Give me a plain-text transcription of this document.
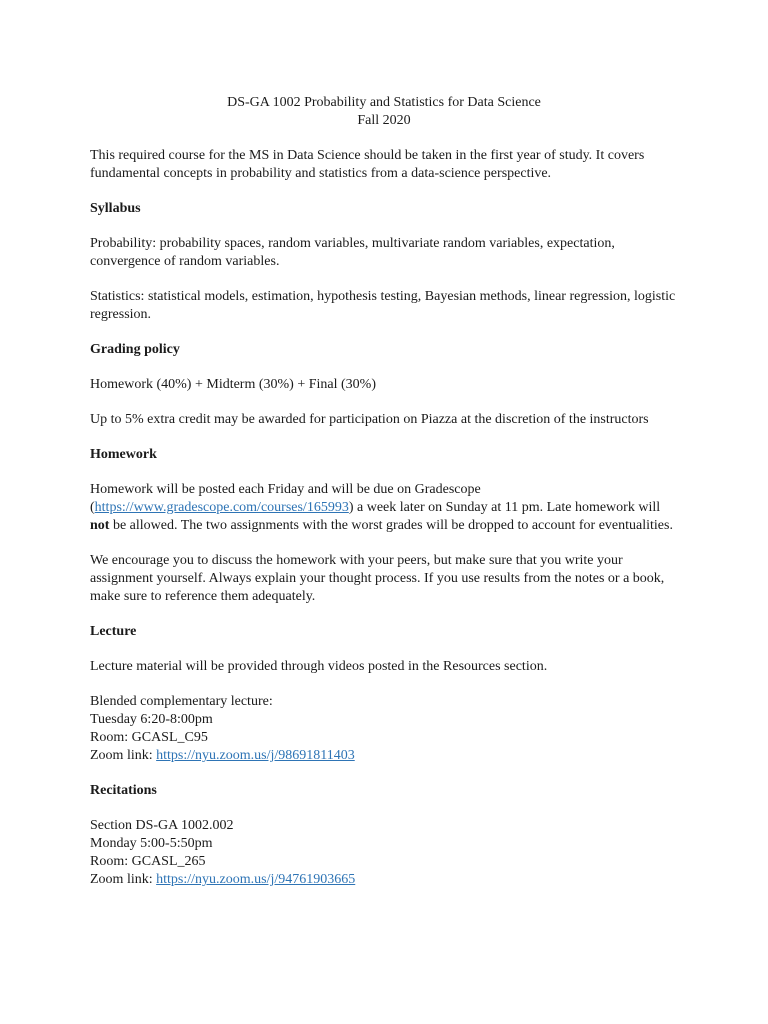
DS-GA 1002 Probability and Statistics for Data Science
Fall 2020

This required course for the MS in Data Science should be taken in the first year of study. It covers fundamental concepts in probability and statistics from a data-science perspective.

Syllabus

Probability: probability spaces, random variables, multivariate random variables, expectation, convergence of random variables.

Statistics: statistical models, estimation, hypothesis testing, Bayesian methods, linear regression, logistic regression.

Grading policy

Homework (40%) + Midterm (30%) + Final (30%)

Up to 5% extra credit may be awarded for participation on Piazza at the discretion of the instructors

Homework

Homework will be posted each Friday and will be due on Gradescope (https://www.gradescope.com/courses/165993) a week later on Sunday at 11 pm. Late homework will not be allowed. The two assignments with the worst grades will be dropped to account for eventualities.

We encourage you to discuss the homework with your peers, but make sure that you write your assignment yourself. Always explain your thought process. If you use results from the notes or a book, make sure to reference them adequately.

Lecture

Lecture material will be provided through videos posted in the Resources section.

Blended complementary lecture:
Tuesday 6:20-8:00pm
Room: GCASL_C95
Zoom link: https://nyu.zoom.us/j/98691811403

Recitations

Section DS-GA 1002.002
Monday 5:00-5:50pm
Room: GCASL_265
Zoom link: https://nyu.zoom.us/j/94761903665
